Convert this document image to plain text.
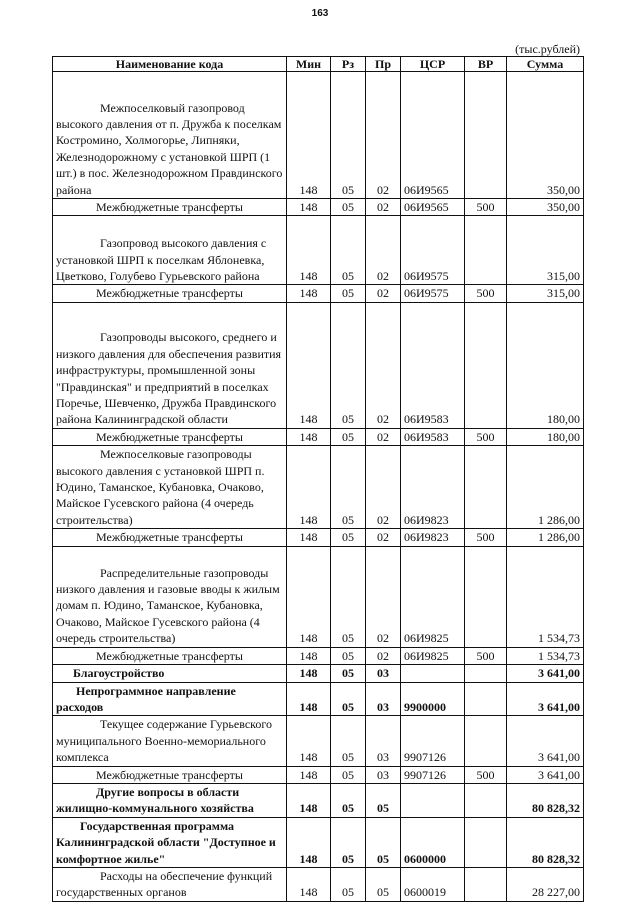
163
(тыс.рублей)
Наименование кода	Мин	Рз	Пр	ЦСР	ВР	Сумма

Межпоселковый газопровод высокого давления от п. Дружба к поселкам Костромино, Холмогорье, Липняки, Железнодорожному с установкой ШРП (1 шт.) в пос. Железнодорожном Правдинского района	148	05	02	06И9565		350,00
Межбюджетные трансферты	148	05	02	06И9565	500	350,00

Газопровод высокого давления с установкой ШРП к поселкам Яблоневка, Цветково, Голубево Гурьевского района	148	05	02	06И9575		315,00
Межбюджетные трансферты	148	05	02	06И9575	500	315,00

Газопроводы высокого, среднего и низкого давления для обеспечения развития инфраструктуры, промышленной зоны "Правдинская" и предприятий в поселках Поречье, Шевченко, Дружба Правдинского района Калининградской области	148	05	02	06И9583		180,00
Межбюджетные трансферты	148	05	02	06И9583	500	180,00

Межпоселковые газопроводы высокого давления с установкой ШРП п. Юдино, Таманское, Кубановка, Очаково, Майское Гусевского района (4 очередь строительства)	148	05	02	06И9823		1 286,00
Межбюджетные трансферты	148	05	02	06И9823	500	1 286,00

Распределительные газопроводы низкого давления и газовые вводы к жилым домам п. Юдино, Таманское, Кубановка, Очаково, Майское Гусевского района (4 очередь строительства)	148	05	02	06И9825		1 534,73
Межбюджетные трансферты	148	05	02	06И9825	500	1 534,73
Благоустройство	148	05	03			3 641,00

Непрограммное направление расходов	148	05	03	9900000		3 641,00

Текущее содержание Гурьевского муниципального Военно-мемориального комплекса	148	05	03	9907126		3 641,00
Межбюджетные трансферты	148	05	03	9907126	500	3 641,00

Другие вопросы в области жилищно-коммунального хозяйства	148	05	05			80 828,32

Государственная программа Калининградской области "Доступное и комфортное жилье"	148	05	05	0600000		80 828,32

Расходы на обеспечение функций государственных органов	148	05	05	0600019		28 227,00
